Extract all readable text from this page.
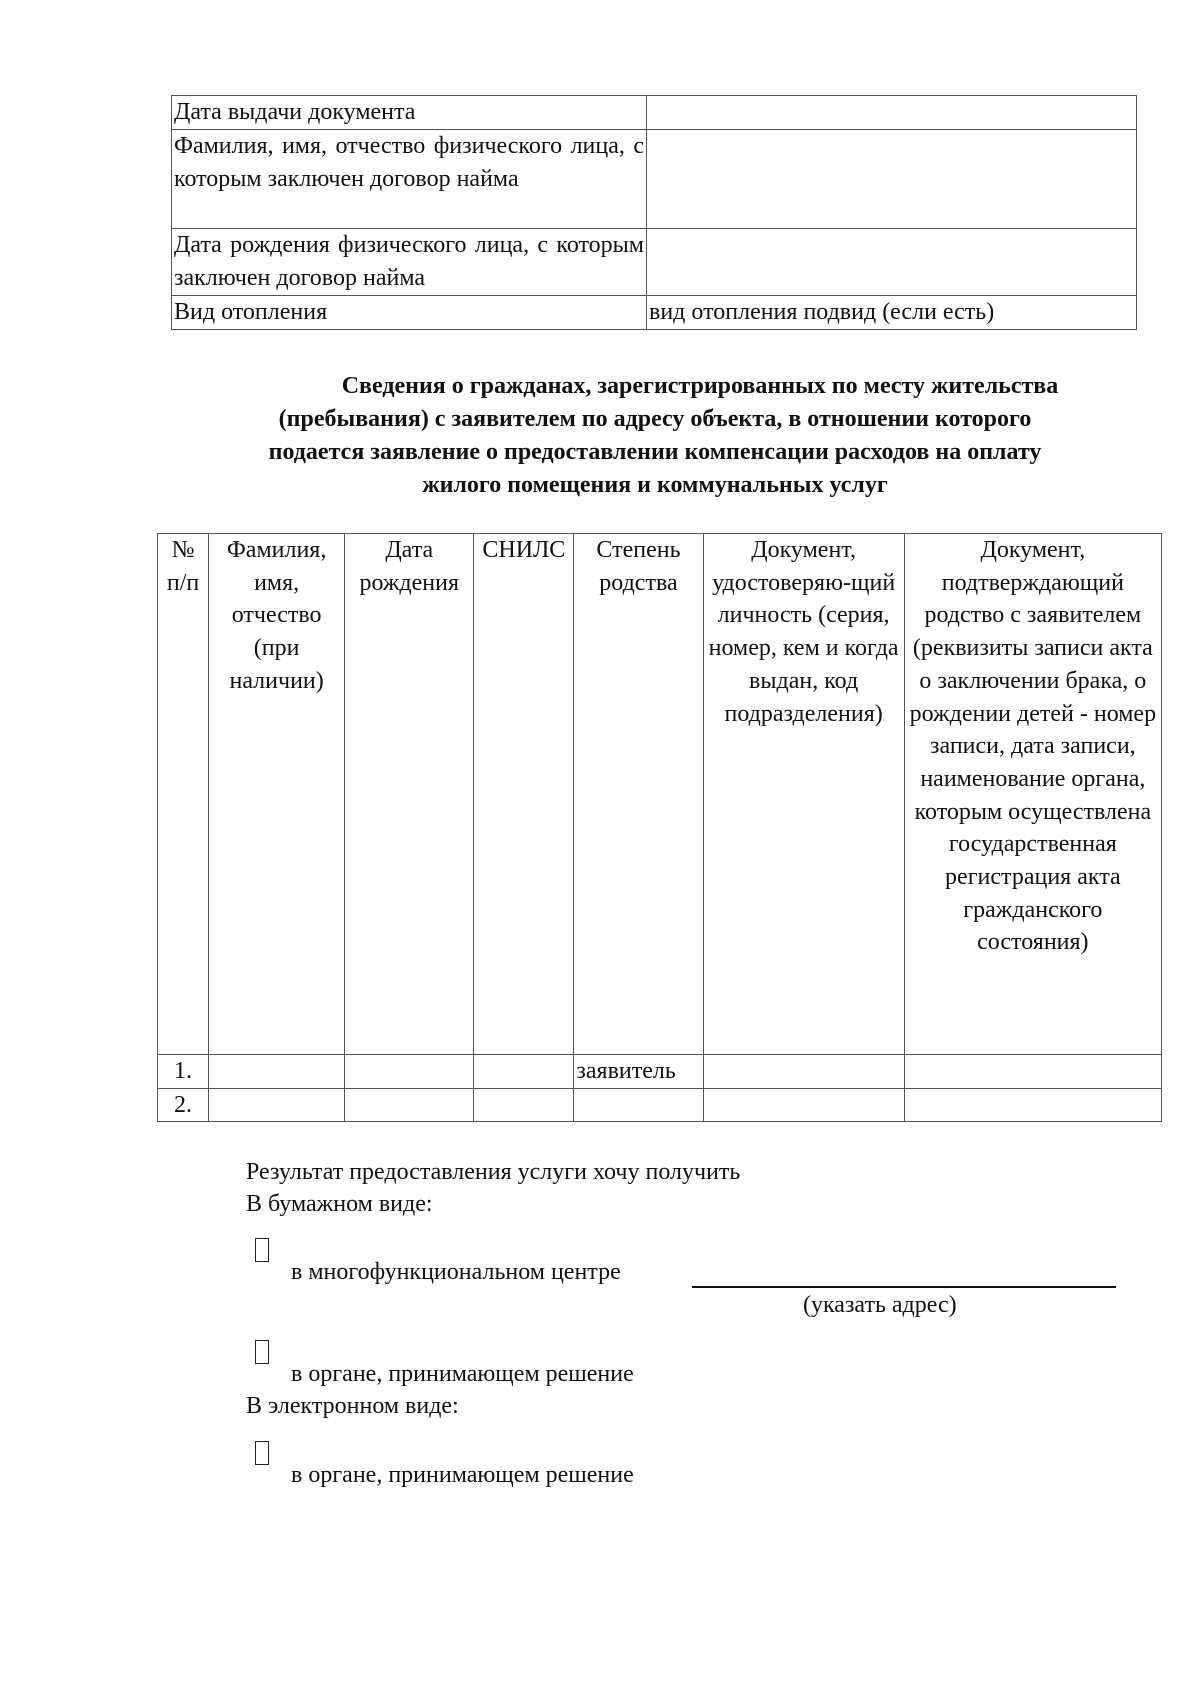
Дата выдачи документа	
Фамилия, имя, отчество физического лица, с которым заключен договор найма	
Дата рождения физического лица, с которым заключен договор найма	
Вид отопления	вид отопления подвид (если есть)
Сведения о гражданах, зарегистрированных по месту жительства
(пребывания) с заявителем по адресу объекта, в отношении которого
подается заявление о предоставлении компенсации расходов на оплату
жилого помещения и коммунальных услуг
№ п/п	Фамилия, имя, отчество (при наличии)	Дата рождения	СНИЛС	Степень родства	Документ, удостоверяю-щий личность (серия, номер, кем и когда выдан, код подразделения)	Документ, подтверждающий родство с заявителем (реквизиты записи акта о заключении брака, о рождении детей - номер записи, дата записи, наименование органа, которым осуществлена государственная регистрация акта гражданского состояния)
1.				заявитель		
2.						

Результат предоставления услуги хочу получить

В бумажном виде:

в многофункциональном центре

(указать адрес)

в органе, принимающем решение

В электронном виде:

в органе, принимающем решение
